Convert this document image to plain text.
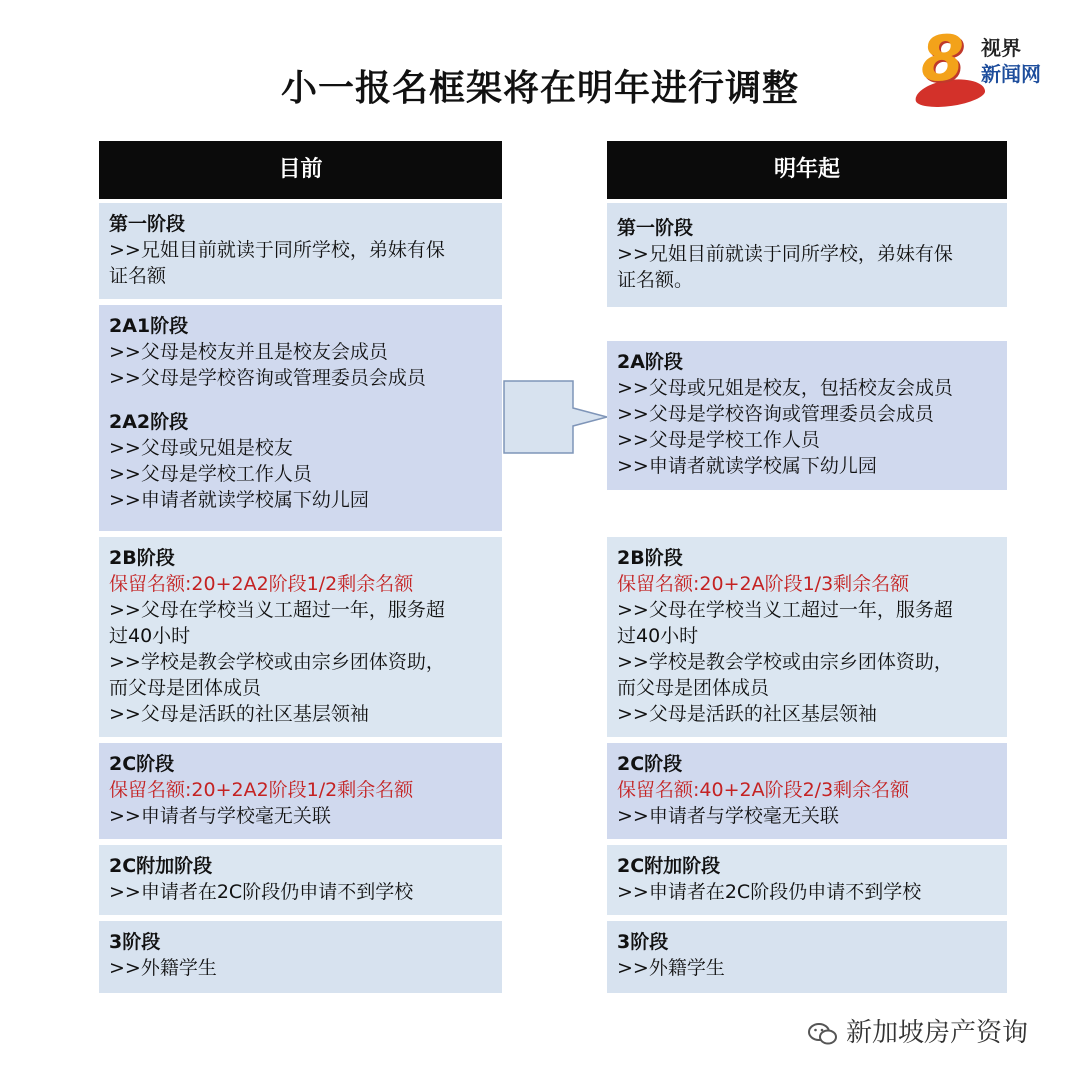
小一报名框架将在明年进行调整	8 视界
新闻网
目前
第一阶段
>>兄姐目前就读于同所学校，弟妹有保
证名额
2A1阶段
>>父母是校友并且是校友会成员
>>父母是学校咨询或管理委员会成员
2A2阶段
>>父母或兄姐是校友
>>父母是学校工作人员
>>申请者就读学校属下幼儿园
2B阶段
保留名额:20+2A2阶段1/2剩余名额
>>父母在学校当义工超过一年，服务超
过40小时
>>学校是教会学校或由宗乡团体资助，
而父母是团体成员
>>父母是活跃的社区基层领袖
2C阶段
保留名额:20+2A2阶段1/2剩余名额
>>申请者与学校毫无关联
2C附加阶段
>>申请者在2C阶段仍申请不到学校
3阶段
>>外籍学生
明年起
第一阶段
>>兄姐目前就读于同所学校，弟妹有保
证名额。
2A阶段
>>父母或兄姐是校友，包括校友会成员
>>父母是学校咨询或管理委员会成员
>>父母是学校工作人员
>>申请者就读学校属下幼儿园
2B阶段
保留名额:20+2A阶段1/3剩余名额
>>父母在学校当义工超过一年，服务超
过40小时
>>学校是教会学校或由宗乡团体资助，
而父母是团体成员
>>父母是活跃的社区基层领袖
2C阶段
保留名额:40+2A阶段2/3剩余名额
>>申请者与学校毫无关联
2C附加阶段
>>申请者在2C阶段仍申请不到学校
3阶段
>>外籍学生
新加坡房产资询
